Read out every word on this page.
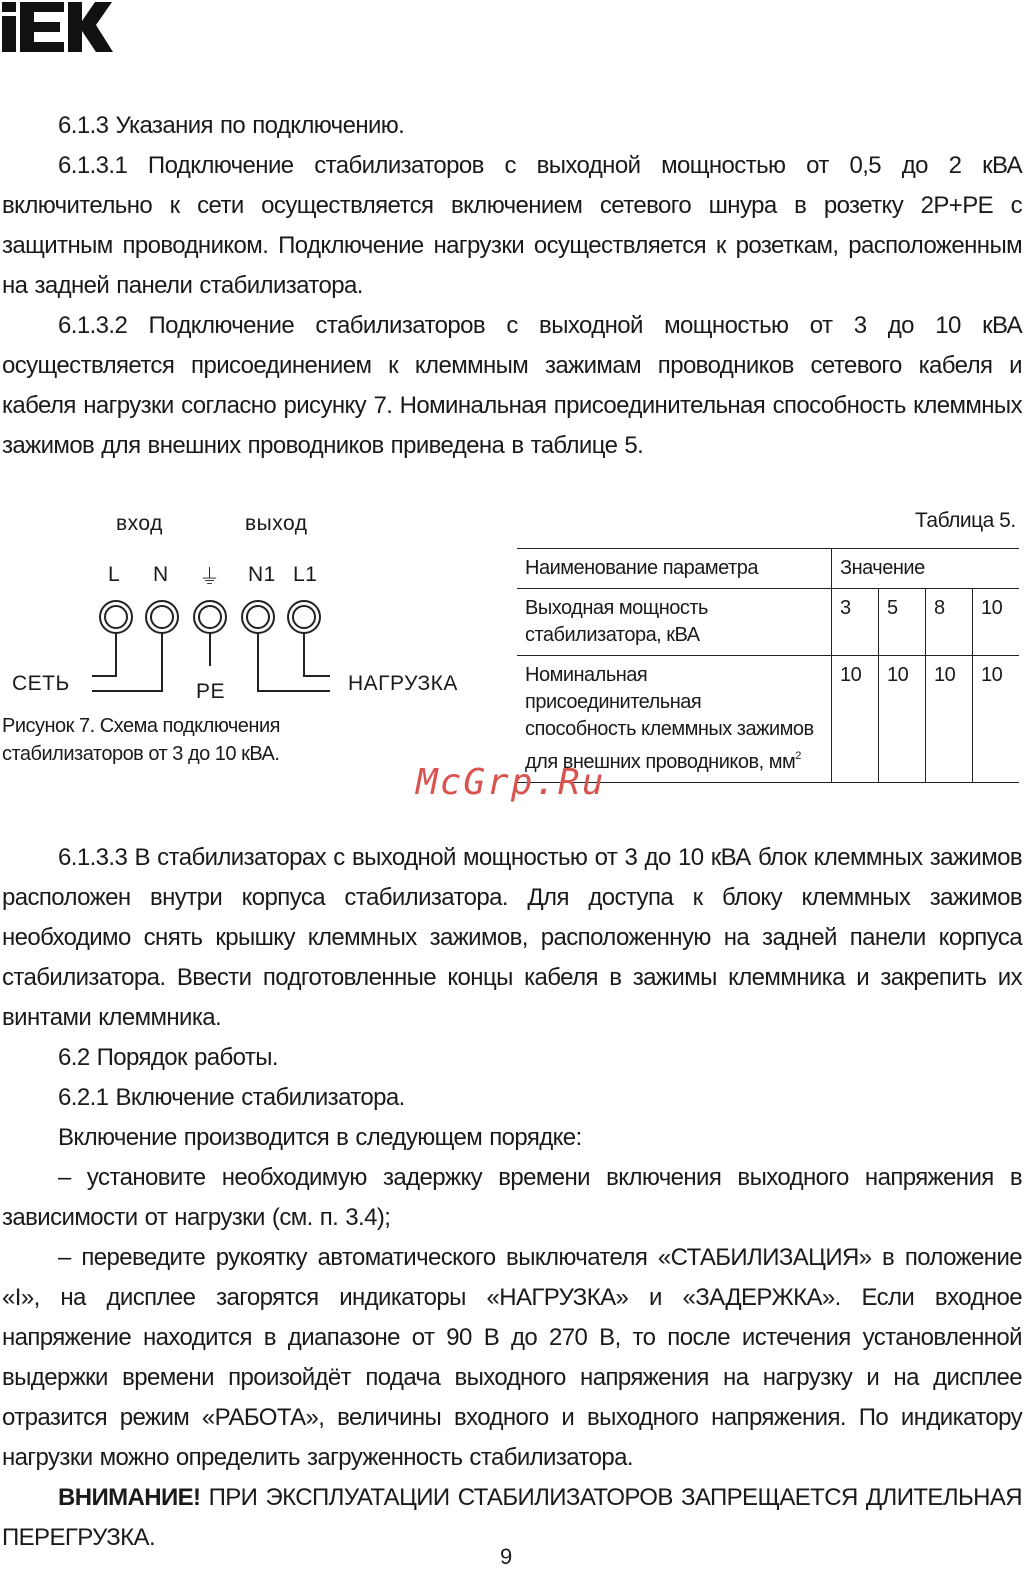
6.1.3 Указания по подключению.

6.1.3.1 Подключение стабилизаторов с выходной мощностью от 0,5 до 2 кВА включительно к сети осуществляется включением сетевого шнура в розетку 2Р+РЕ с защитным проводником. Подключение нагрузки осуществляется к розеткам, расположенным на задней панели стабилизатора.

6.1.3.2 Подключение стабилизаторов с выходной мощностью от 3 до 10 кВА осуществляется присоединением к клеммным зажимам проводников сетевого кабеля и кабеля нагрузки согласно рисунку 7. Номинальная присоединительная способность клеммных зажимов для внешних проводников приведена в таблице 5.

вход	выход
L N ⏚ N1 L1
СЕТЬ	PE	НАГРУЗКА
Рисунок 7. Схема подключения
стабилизаторов от 3 до 10 кВА.
Таблица 5.
Наименование параметра	Значение			

Выходная мощность
стабилизатора, кВА	3	5	8	10

Номинальная присоединительная
способность клеммных зажимов
для внешних проводников, $мм^2$	10	10	10	10
McGrp.Ru

6.1.3.3 В стабилизаторах с выходной мощностью от 3 до 10 кВА блок клеммных зажимов расположен внутри корпуса стабилизатора. Для доступа к блоку клеммных зажимов необходимо снять крышку клеммных зажимов, расположенную на задней панели корпуса стабилизатора. Ввести подготовленные концы кабеля в зажимы клеммника и закрепить их винтами клеммника.

6.2 Порядок работы.

6.2.1 Включение стабилизатора.

Включение производится в следующем порядке:

– установите необходимую задержку времени включения выходного напряжения в зависимости от нагрузки (см. п. 3.4);

– переведите рукоятку автоматического выключателя «СТАБИЛИЗАЦИЯ» в положение «I», на дисплее загорятся индикаторы «НАГРУЗКА» и «ЗАДЕРЖКА». Если входное напряжение находится в диапазоне от 90 В до 270 В, то после истечения установленной выдержки времени произойдёт подача выходного напряжения на нагрузку и на дисплее отразится режим «РАБОТА», величины входного и выходного напряжения. По индикатору нагрузки можно определить загруженность стабилизатора.

ВНИМАНИЕ! ПРИ ЭКСПЛУАТАЦИИ СТАБИЛИЗАТОРОВ ЗАПРЕЩАЕТСЯ ДЛИТЕЛЬНАЯ ПЕРЕГРУЗКА.

9
